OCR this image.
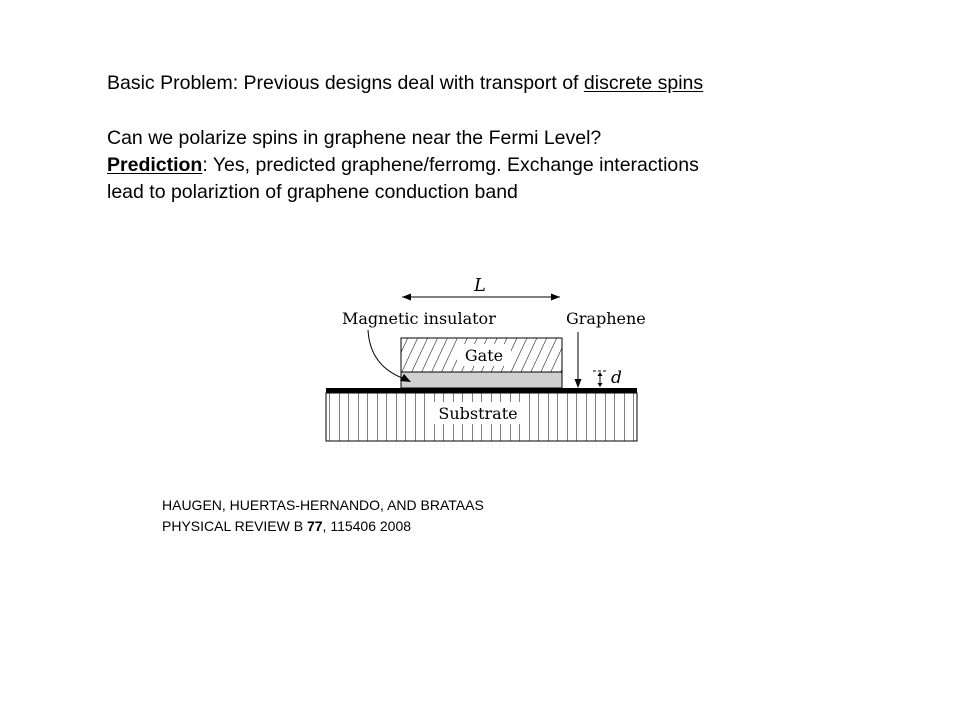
Basic Problem: Previous designs deal with transport of discrete spins

Can we polarize spins in graphene near the Fermi Level?

Prediction: Yes, predicted graphene/ferromg. Exchange interactions

lead to polariztion of graphene conduction band

L
Magnetic insulator	Graphene
Gate
d
Substrate

HAUGEN, HUERTAS-HERNANDO, AND BRATAAS

PHYSICAL REVIEW B 77, 115406 2008
